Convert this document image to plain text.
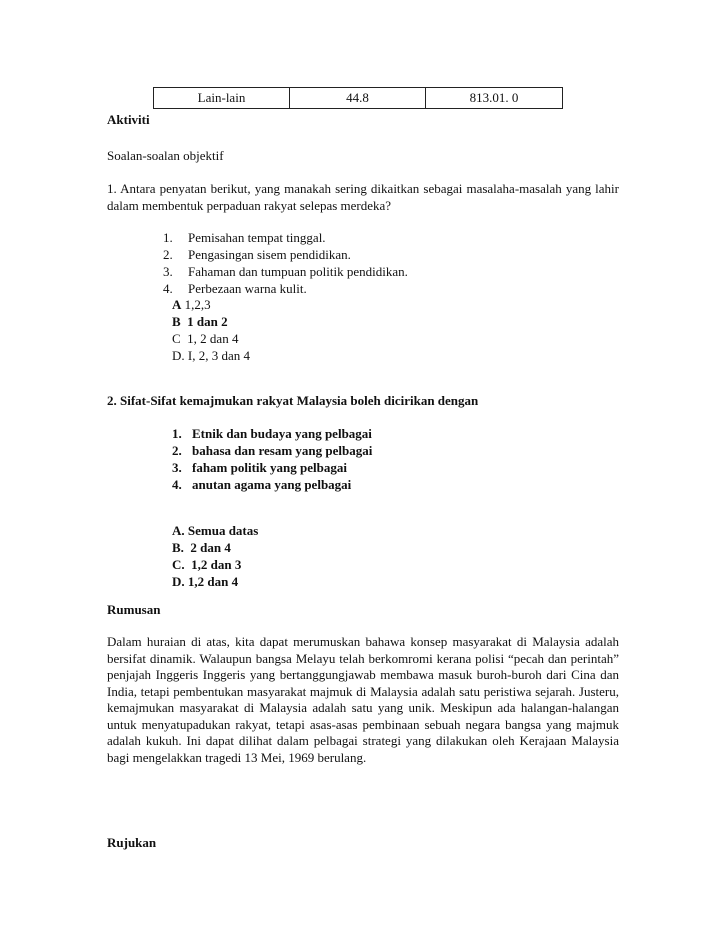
Lain-lain	44.8	813.01. 0
Aktiviti
Soalan-soalan objektif
1. Antara penyatan berikut, yang manakah sering dikaitkan sebagai masalaha-masalah yang lahir dalam membentuk perpaduan rakyat selepas merdeka?
1. Pemisahan tempat tinggal.
2. Pengasingan sisem pendidikan.
3. Fahaman dan tumpuan politik pendidikan.
4. Perbezaan warna kulit.
A 1,2,3
B 1 dan 2
C 1, 2 dan 4
D. I, 2, 3 dan 4
2. Sifat-Sifat kemajmukan rakyat Malaysia boleh dicirikan dengan
1. Etnik dan budaya yang pelbagai
2. bahasa dan resam yang pelbagai
3. faham politik yang pelbagai
4. anutan agama yang pelbagai
A. Semua datas
B. 2 dan 4
C. 1,2 dan 3
D. 1,2 dan 4
Rumusan
Dalam huraian di atas, kita dapat merumuskan bahawa konsep masyarakat di Malaysia adalah bersifat dinamik. Walaupun bangsa Melayu telah berkomromi kerana polisi “pecah dan perintah” penjajah Inggeris Inggeris yang bertanggungjawab membawa masuk buroh-buroh dari Cina dan India, tetapi pembentukan masyarakat majmuk di Malaysia adalah satu peristiwa sejarah. Justeru, kemajmukan masyarakat di Malaysia adalah satu yang unik. Meskipun ada halangan-halangan untuk menyatupadukan rakyat, tetapi asas-asas pembinaan sebuah negara bangsa yang majmuk adalah kukuh. Ini dapat dilihat dalam pelbagai strategi yang dilakukan oleh Kerajaan Malaysia bagi mengelakkan tragedi 13 Mei, 1969 berulang.
Rujukan
